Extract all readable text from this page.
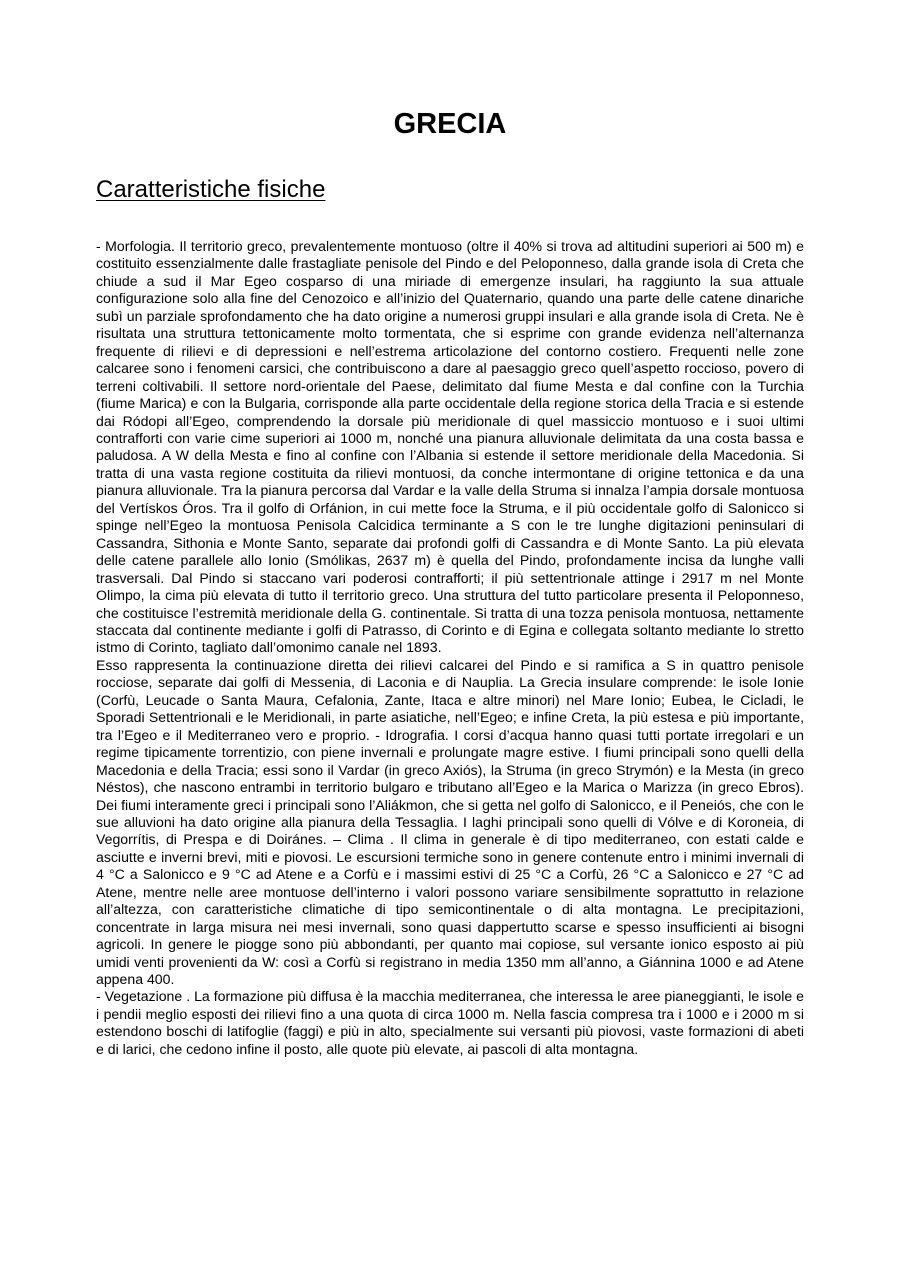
GRECIA
Caratteristiche fisiche

- Morfologia. Il territorio greco, prevalentemente montuoso (oltre il 40% si trova ad altitudini superiori ai 500 m) e costituito essenzialmente dalle frastagliate penisole del Pindo e del Peloponneso, dalla grande isola di Creta che chiude a sud il Mar Egeo cosparso di una miriade di emergenze insulari, ha raggiunto la sua attuale configurazione solo alla fine del Cenozoico e all’inizio del Quaternario, quando una parte delle catene dinariche subì un parziale sprofondamento che ha dato origine a numerosi gruppi insulari e alla grande isola di Creta. Ne è risultata una struttura tettonicamente molto tormentata, che si esprime con grande evidenza nell’alternanza frequente di rilievi e di depressioni e nell’estrema articolazione del contorno costiero. Frequenti nelle zone calcaree sono i fenomeni carsici, che contribuiscono a dare al paesaggio greco quell’aspetto roccioso, povero di terreni coltivabili. Il settore nord-orientale del Paese, delimitato dal fiume Mesta e dal confine con la Turchia (fiume Marica) e con la Bulgaria, corrisponde alla parte occidentale della regione storica della Tracia e si estende dai Ródopi all’Egeo, comprendendo la dorsale più meridionale di quel massiccio montuoso e i suoi ultimi contrafforti con varie cime superiori ai 1000 m, nonché una pianura alluvionale delimitata da una costa bassa e paludosa. A W della Mesta e fino al confine con l’Albania si estende il settore meridionale della Macedonia. Si tratta di una vasta regione costituita da rilievi montuosi, da conche intermontane di origine tettonica e da una pianura alluvionale. Tra la pianura percorsa dal Vardar e la valle della Struma si innalza l’ampia dorsale montuosa del Vertískos Óros. Tra il golfo di Orfánion, in cui mette foce la Struma, e il più occidentale golfo di Salonicco si spinge nell’Egeo la montuosa Penisola Calcidica terminante a S con le tre lunghe digitazioni peninsulari di Cassandra, Sithonia e Monte Santo, separate dai profondi golfi di Cassandra e di Monte Santo. La più elevata delle catene parallele allo Ionio (Smólikas, 2637 m) è quella del Pindo, profondamente incisa da lunghe valli trasversali. Dal Pindo si staccano vari poderosi contrafforti; il più settentrionale attinge i 2917 m nel Monte Olimpo, la cima più elevata di tutto il territorio greco. Una struttura del tutto particolare presenta il Peloponneso, che costituisce l’estremità meridionale della G. continentale. Si tratta di una tozza penisola montuosa, nettamente staccata dal continente mediante i golfi di Patrasso, di Corinto e di Egina e collegata soltanto mediante lo stretto istmo di Corinto, tagliato dall’omonimo canale nel 1893.

Esso rappresenta la continuazione diretta dei rilievi calcarei del Pindo e si ramifica a S in quattro penisole rocciose, separate dai golfi di Messenia, di Laconia e di Nauplia. La Grecia insulare comprende: le isole Ionie (Corfù, Leucade o Santa Maura, Cefalonia, Zante, Itaca e altre minori) nel Mare Ionio; Eubea, le Cicladi, le Sporadi Settentrionali e le Meridionali, in parte asiatiche, nell’Egeo; e infine Creta, la più estesa e più importante, tra l’Egeo e il Mediterraneo vero e proprio. - Idrografia. I corsi d’acqua hanno quasi tutti portate irregolari e un regime tipicamente torrentizio, con piene invernali e prolungate magre estive. I fiumi principali sono quelli della Macedonia e della Tracia; essi sono il Vardar (in greco Axiós), la Struma (in greco Strymón) e la Mesta (in greco Néstos), che nascono entrambi in territorio bulgaro e tributano all’Egeo e la Marica o Marizza (in greco Ebros). Dei fiumi interamente greci i principali sono l’Aliákmon, che si getta nel golfo di Salonicco, e il Peneiós, che con le sue alluvioni ha dato origine alla pianura della Tessaglia. I laghi principali sono quelli di Vólve e di Koroneia, di Vegorrítis, di Prespa e di Doiránes. – Clima . Il clima in generale è di tipo mediterraneo, con estati calde e asciutte e inverni brevi, miti e piovosi. Le escursioni termiche sono in genere contenute entro i minimi invernali di 4 °C a Salonicco e 9 °C ad Atene e a Corfù e i massimi estivi di 25 °C a Corfù, 26 °C a Salonicco e 27 °C ad Atene, mentre nelle aree montuose dell’interno i valori possono variare sensibilmente soprattutto in relazione all’altezza, con caratteristiche climatiche di tipo semicontinentale o di alta montagna. Le precipitazioni, concentrate in larga misura nei mesi invernali, sono quasi dappertutto scarse e spesso insufficienti ai bisogni agricoli. In genere le piogge sono più abbondanti, per quanto mai copiose, sul versante ionico esposto ai più umidi venti provenienti da W: così a Corfù si registrano in media 1350 mm all’anno, a Giánnina 1000 e ad Atene appena 400.

- Vegetazione . La formazione più diffusa è la macchia mediterranea, che interessa le aree pianeggianti, le isole e i pendii meglio esposti dei rilievi fino a una quota di circa 1000 m. Nella fascia compresa tra i 1000 e i 2000 m si estendono boschi di latifoglie (faggi) e più in alto, specialmente sui versanti più piovosi, vaste formazioni di abeti e di larici, che cedono infine il posto, alle quote più elevate, ai pascoli di alta montagna.
